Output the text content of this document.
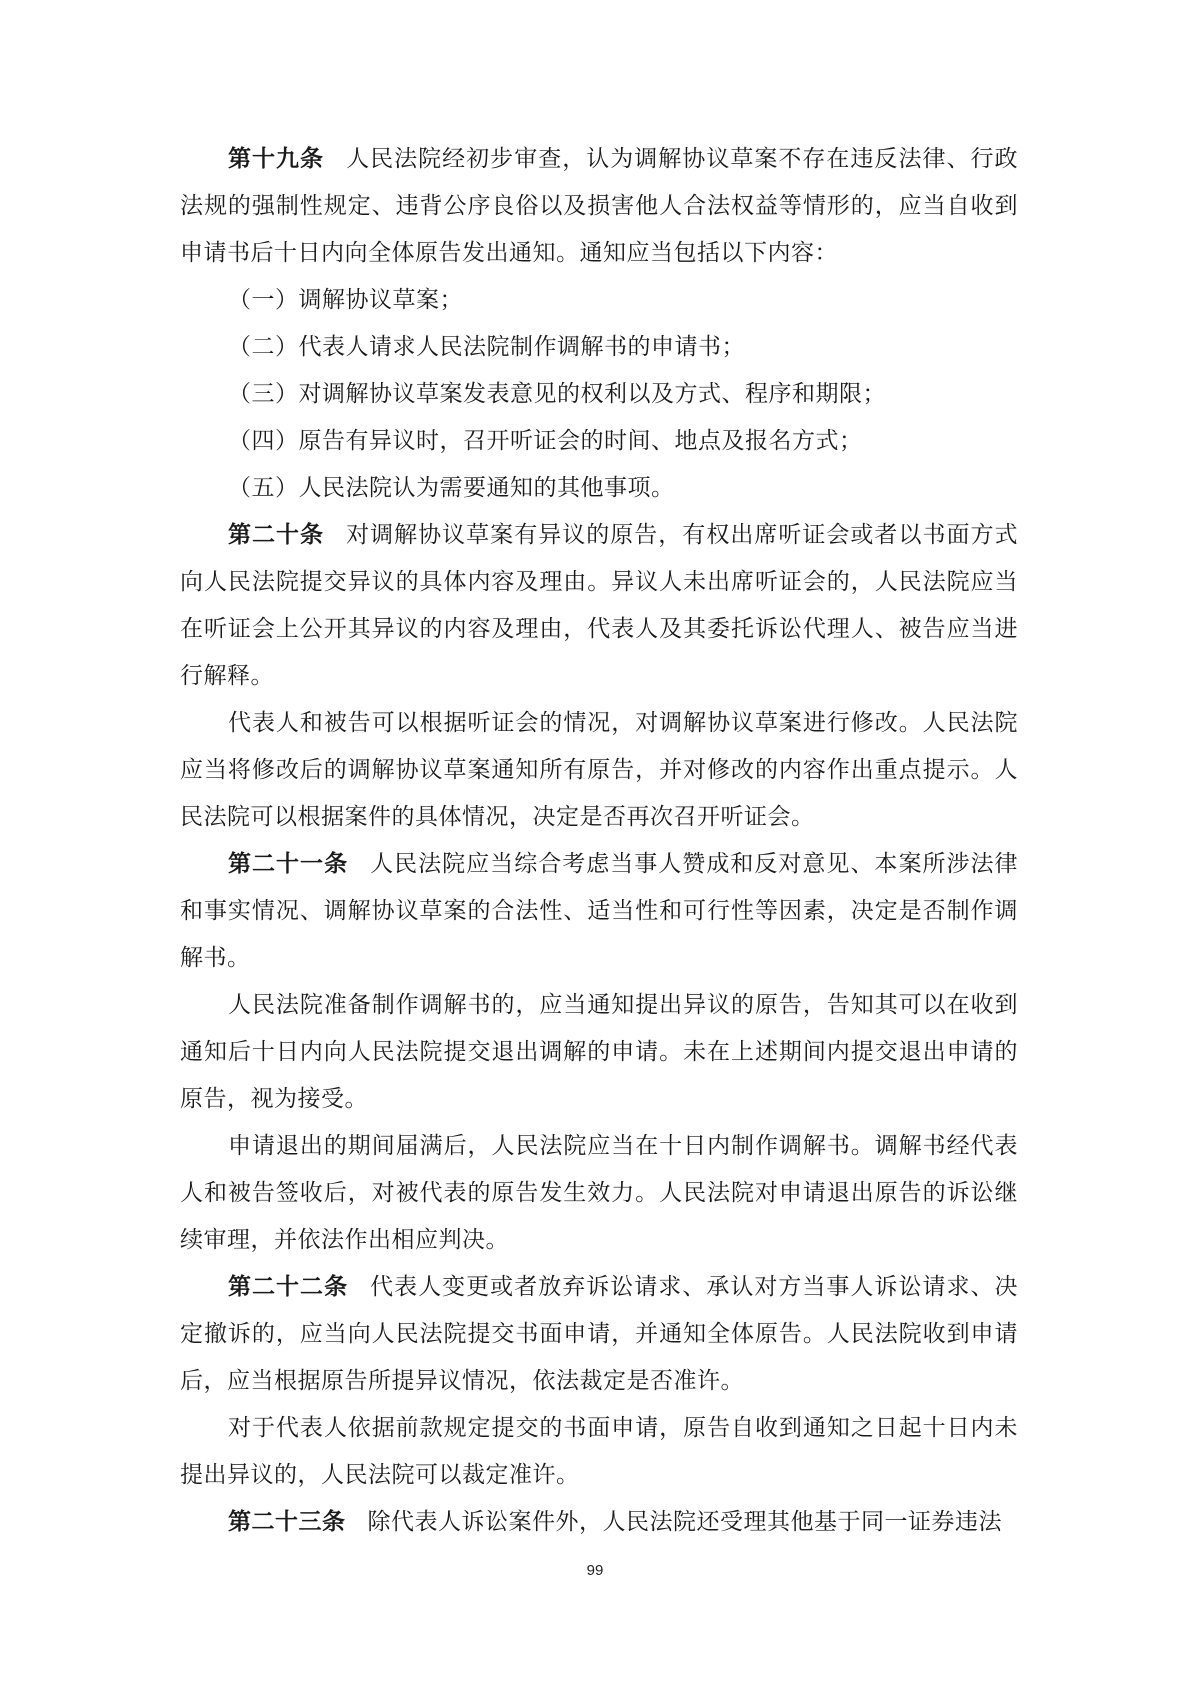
第十九条 人民法院经初步审查，认为调解协议草案不存在违反法律、行政法规的强制性规定、违背公序良俗以及损害他人合法权益等情形的，应当自收到申请书后十日内向全体原告发出通知。通知应当包括以下内容：

（一）调解协议草案；

（二）代表人请求人民法院制作调解书的申请书；

（三）对调解协议草案发表意见的权利以及方式、程序和期限；

（四）原告有异议时，召开听证会的时间、地点及报名方式；

（五）人民法院认为需要通知的其他事项。

第二十条 对调解协议草案有异议的原告，有权出席听证会或者以书面方式向人民法院提交异议的具体内容及理由。异议人未出席听证会的，人民法院应当在听证会上公开其异议的内容及理由，代表人及其委托诉讼代理人、被告应当进行解释。

代表人和被告可以根据听证会的情况，对调解协议草案进行修改。人民法院应当将修改后的调解协议草案通知所有原告，并对修改的内容作出重点提示。人民法院可以根据案件的具体情况，决定是否再次召开听证会。

第二十一条 人民法院应当综合考虑当事人赞成和反对意见、本案所涉法律和事实情况、调解协议草案的合法性、适当性和可行性等因素，决定是否制作调解书。

人民法院准备制作调解书的，应当通知提出异议的原告，告知其可以在收到通知后十日内向人民法院提交退出调解的申请。未在上述期间内提交退出申请的原告，视为接受。

申请退出的期间届满后，人民法院应当在十日内制作调解书。调解书经代表人和被告签收后，对被代表的原告发生效力。人民法院对申请退出原告的诉讼继续审理，并依法作出相应判决。

第二十二条 代表人变更或者放弃诉讼请求、承认对方当事人诉讼请求、决定撤诉的，应当向人民法院提交书面申请，并通知全体原告。人民法院收到申请后，应当根据原告所提异议情况，依法裁定是否准许。

对于代表人依据前款规定提交的书面申请，原告自收到通知之日起十日内未提出异议的，人民法院可以裁定准许。

第二十三条 除代表人诉讼案件外，人民法院还受理其他基于同一证券违法

99
